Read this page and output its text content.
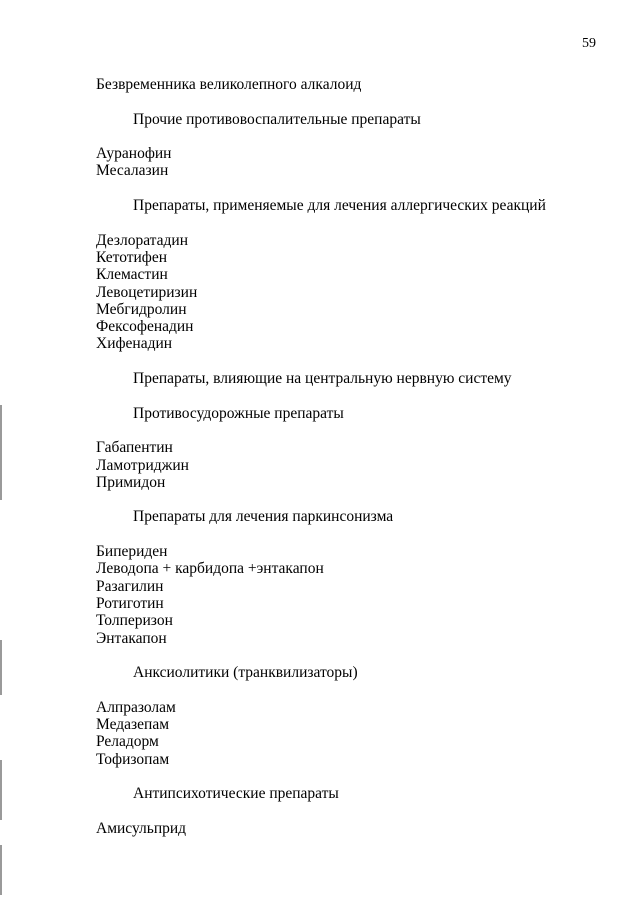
59
Безвременника великолепного алкалоид
Прочие противовоспалительные препараты
Ауранофин
Месалазин
Препараты, применяемые для лечения аллергических реакций
Дезлоратадин
Кетотифен
Клемастин
Левоцетиризин
Мебгидролин
Фексофенадин
Хифенадин
Препараты, влияющие на центральную нервную систему
Противосудорожные препараты
Габапентин
Ламотриджин
Примидон
Препараты для лечения паркинсонизма
Бипериден
Леводопа + карбидопа +энтакапон
Разагилин
Ротиготин
Толперизон
Энтакапон
Анксиолитики (транквилизаторы)
Алпразолам
Медазепам
Реладорм
Тофизопам
Антипсихотические препараты
Амисульприд
